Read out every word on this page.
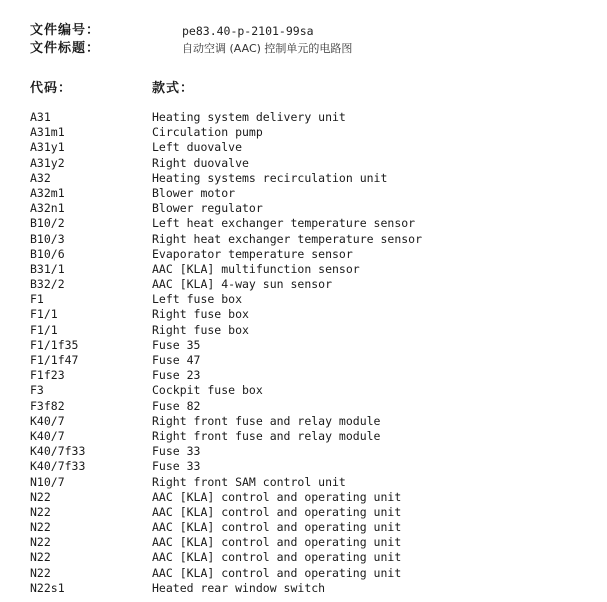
文件编号：	pe83.40-p-2101-99sa
文件标题：	自动空调 (AAC) 控制单元的电路图
代码：	款式：
A31	Heating system delivery unit
A31m1	Circulation pump
A31y1	Left duovalve
A31y2	Right duovalve
A32	Heating systems recirculation unit
A32m1	Blower motor
A32n1	Blower regulator
B10/2	Left heat exchanger temperature sensor
B10/3	Right heat exchanger temperature sensor
B10/6	Evaporator temperature sensor
B31/1	AAC [KLA] multifunction sensor
B32/2	AAC [KLA] 4-way sun sensor
F1	Left fuse box
F1/1	Right fuse box
F1/1	Right fuse box
F1/1f35	Fuse 35
F1/1f47	Fuse 47
F1f23	Fuse 23
F3	Cockpit fuse box
F3f82	Fuse 82
K40/7	Right front fuse and relay module
K40/7	Right front fuse and relay module
K40/7f33	Fuse 33
K40/7f33	Fuse 33
N10/7	Right front SAM control unit
N22	AAC [KLA] control and operating unit
N22	AAC [KLA] control and operating unit
N22	AAC [KLA] control and operating unit
N22	AAC [KLA] control and operating unit
N22	AAC [KLA] control and operating unit
N22	AAC [KLA] control and operating unit
N22s1	Heated rear window switch
